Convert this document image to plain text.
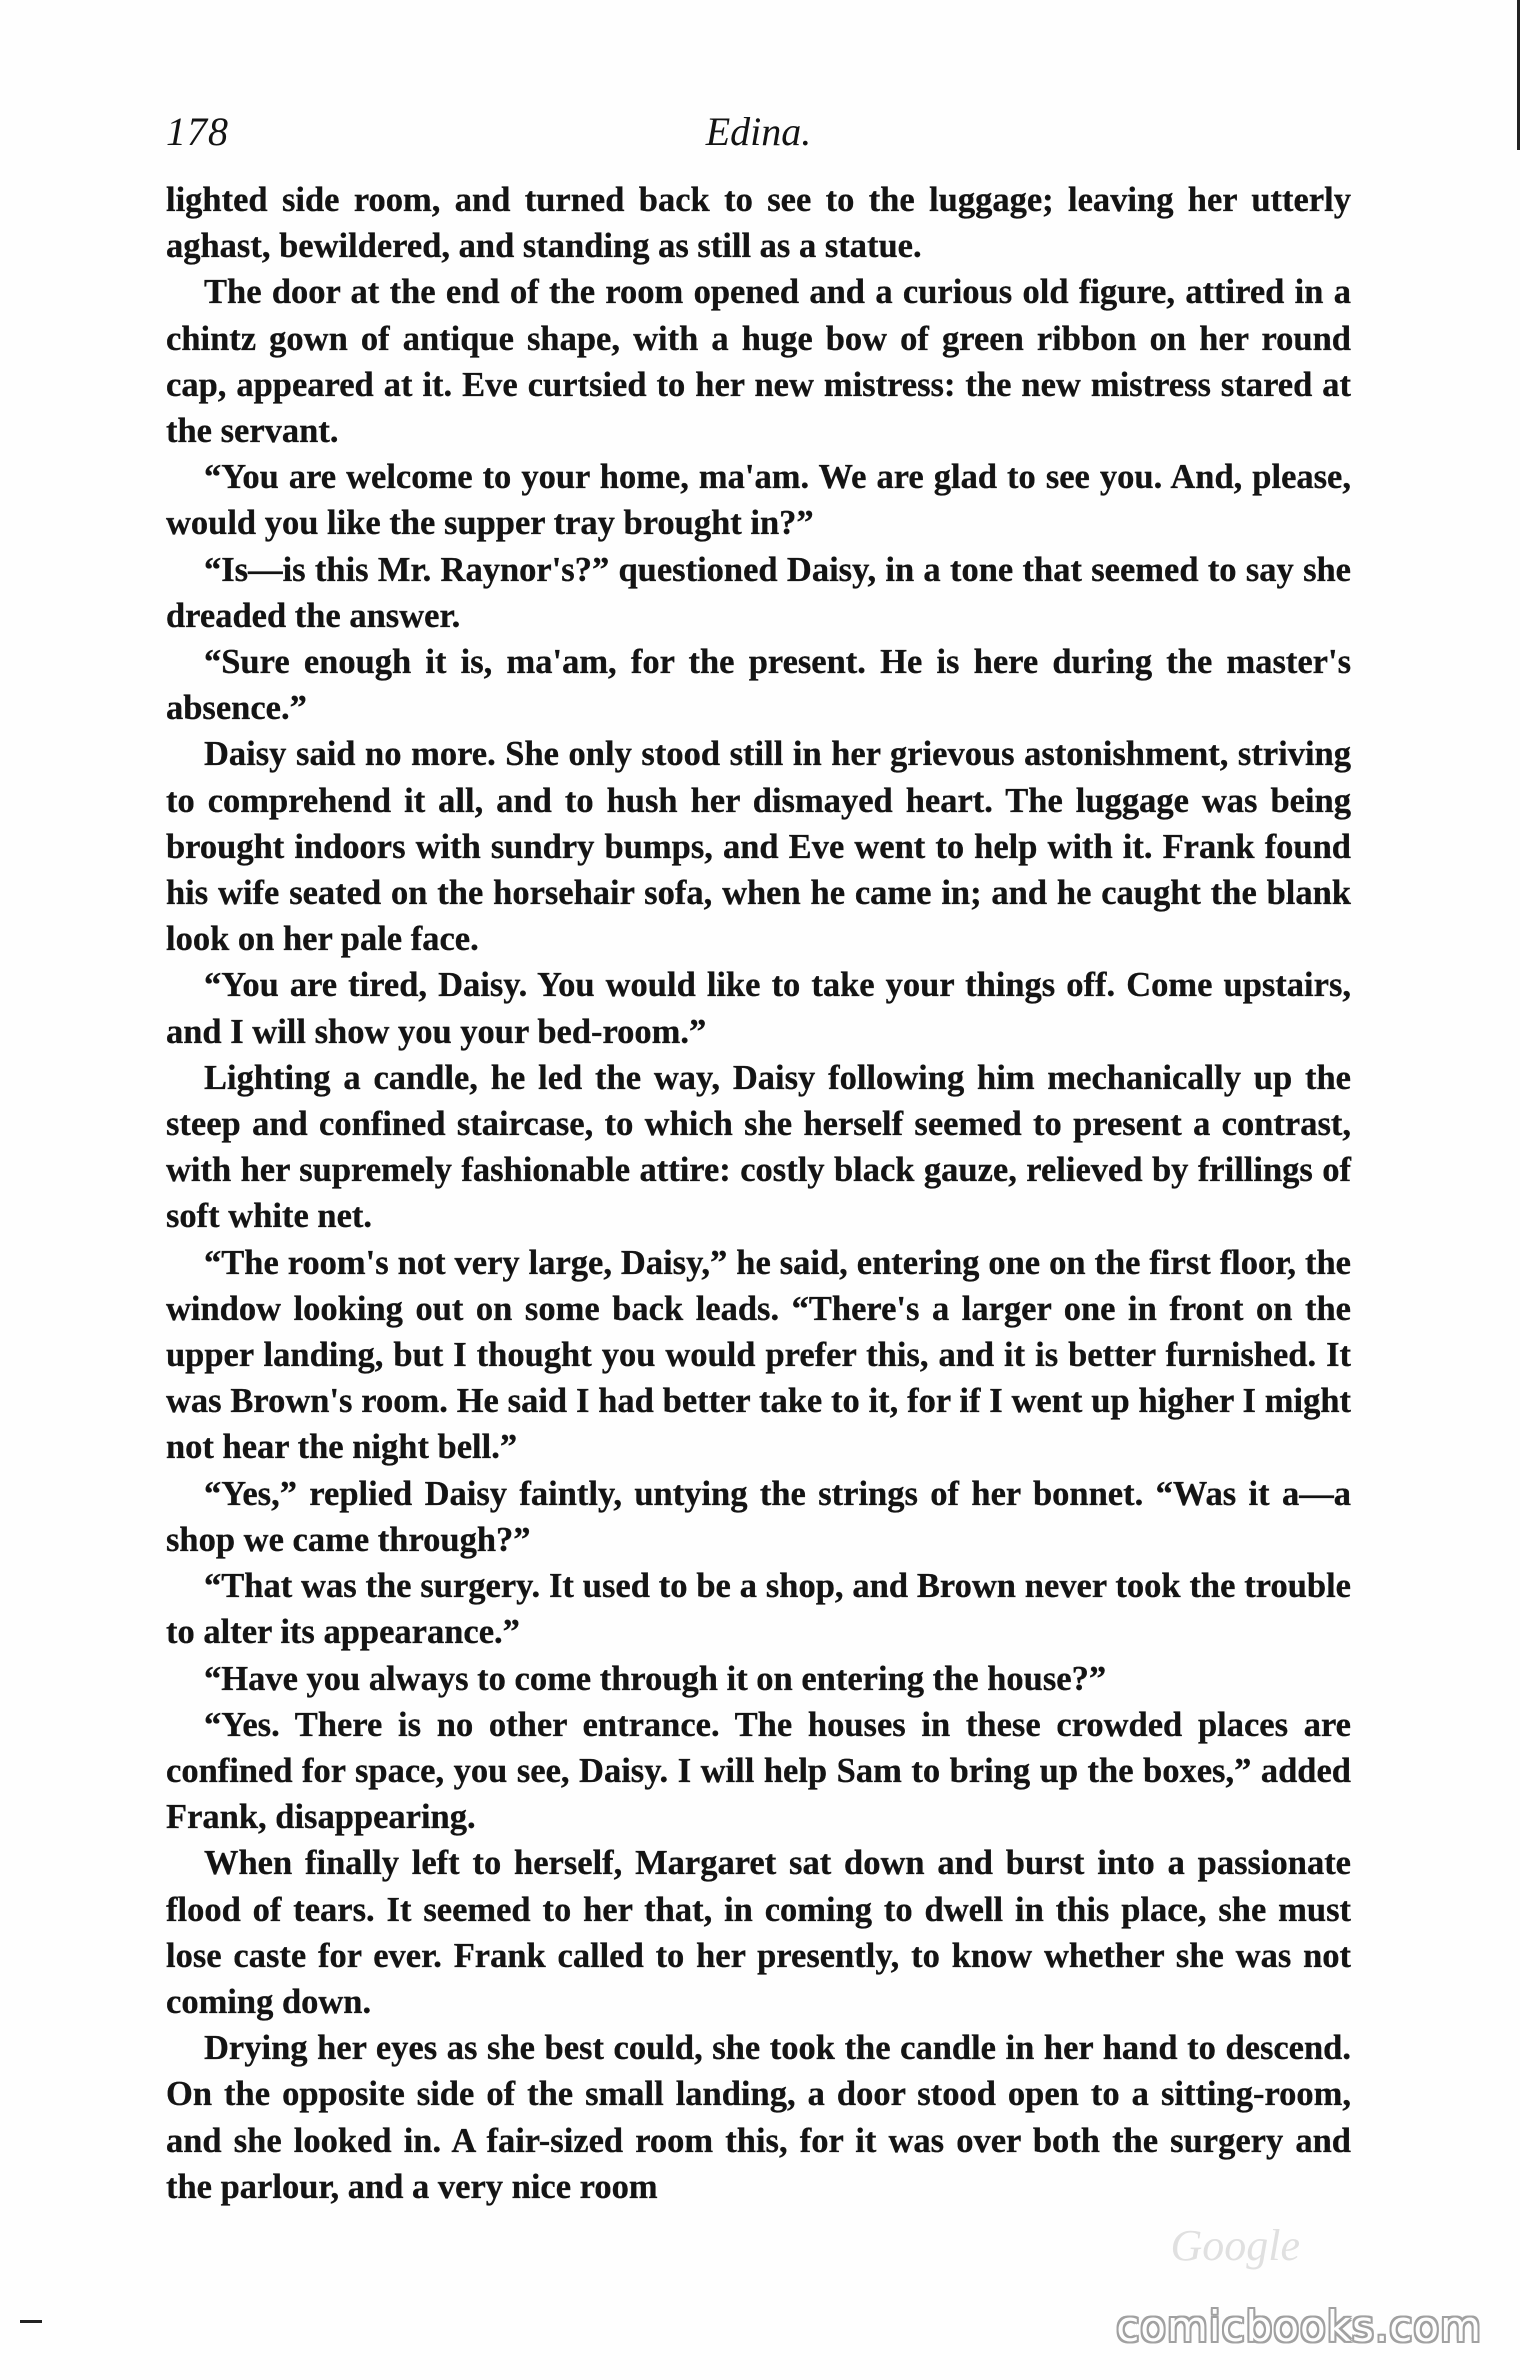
178	Edina.

lighted side room, and turned back to see to the luggage; leaving her utterly aghast, bewildered, and standing as still as a statue.

The door at the end of the room opened and a curious old figure, attired in a chintz gown of antique shape, with a huge bow of green ribbon on her round cap, appeared at it. Eve curtsied to her new mistress: the new mistress stared at the servant.

“You are welcome to your home, ma'am. We are glad to see you. And, please, would you like the supper tray brought in?”

“Is—is this Mr. Raynor's?” questioned Daisy, in a tone that seemed to say she dreaded the answer.

“Sure enough it is, ma'am, for the present. He is here during the master's absence.”

Daisy said no more. She only stood still in her grievous astonishment, striving to comprehend it all, and to hush her dismayed heart. The luggage was being brought indoors with sundry bumps, and Eve went to help with it. Frank found his wife seated on the horsehair sofa, when he came in; and he caught the blank look on her pale face.

“You are tired, Daisy. You would like to take your things off. Come upstairs, and I will show you your bed-room.”

Lighting a candle, he led the way, Daisy following him mechanically up the steep and confined staircase, to which she herself seemed to present a contrast, with her supremely fashionable attire: costly black gauze, relieved by frillings of soft white net.

“The room's not very large, Daisy,” he said, entering one on the first floor, the window looking out on some back leads. “There's a larger one in front on the upper landing, but I thought you would prefer this, and it is better furnished. It was Brown's room. He said I had better take to it, for if I went up higher I might not hear the night bell.”

“Yes,” replied Daisy faintly, untying the strings of her bonnet. “Was it a—a shop we came through?”

“That was the surgery. It used to be a shop, and Brown never took the trouble to alter its appearance.”

“Have you always to come through it on entering the house?”

“Yes. There is no other entrance. The houses in these crowded places are confined for space, you see, Daisy. I will help Sam to bring up the boxes,” added Frank, disappearing.

When finally left to herself, Margaret sat down and burst into a passionate flood of tears. It seemed to her that, in coming to dwell in this place, she must lose caste for ever. Frank called to her presently, to know whether she was not coming down.

Drying her eyes as she best could, she took the candle in her hand to descend. On the opposite side of the small landing, a door stood open to a sitting-room, and she looked in. A fair-sized room this, for it was over both the surgery and the parlour, and a very nice room

Google
comicbooks.com
